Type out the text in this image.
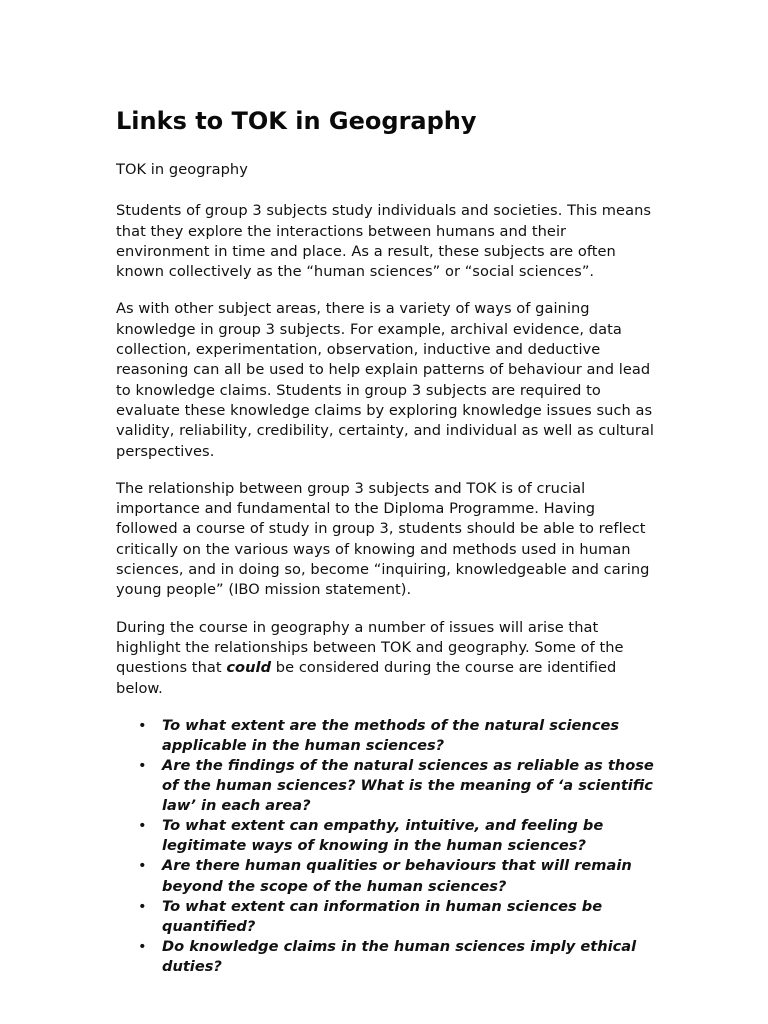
Links to TOK in Geography

TOK in geography

Students of group 3 subjects study individuals and societies. This means that they explore the interactions between humans and their environment in time and place. As a result, these subjects are often known collectively as the “human sciences” or “social sciences”.

As with other subject areas, there is a variety of ways of gaining knowledge in group 3 subjects. For example, archival evidence, data collection, experimentation, observation, inductive and deductive reasoning can all be used to help explain patterns of behaviour and lead to knowledge claims. Students in group 3 subjects are required to evaluate these knowledge claims by exploring knowledge issues such as validity, reliability, credibility, certainty, and individual as well as cultural perspectives.

The relationship between group 3 subjects and TOK is of crucial importance and fundamental to the Diploma Programme. Having followed a course of study in group 3, students should be able to reflect critically on the various ways of knowing and methods used in human sciences, and in doing so, become “inquiring, knowledgeable and caring young people” (IBO mission statement).

During the course in geography a number of issues will arise that highlight the relationships between TOK and geography. Some of the questions that could be considered during the course are identified below.

• To what extent are the methods of the natural sciences applicable in the human sciences?
• Are the findings of the natural sciences as reliable as those of the human sciences? What is the meaning of ‘a scientific law’ in each area?
• To what extent can empathy, intuitive, and feeling be legitimate ways of knowing in the human sciences?
• Are there human qualities or behaviours that will remain beyond the scope of the human sciences?
• To what extent can information in human sciences be quantified?
• Do knowledge claims in the human sciences imply ethical duties?
